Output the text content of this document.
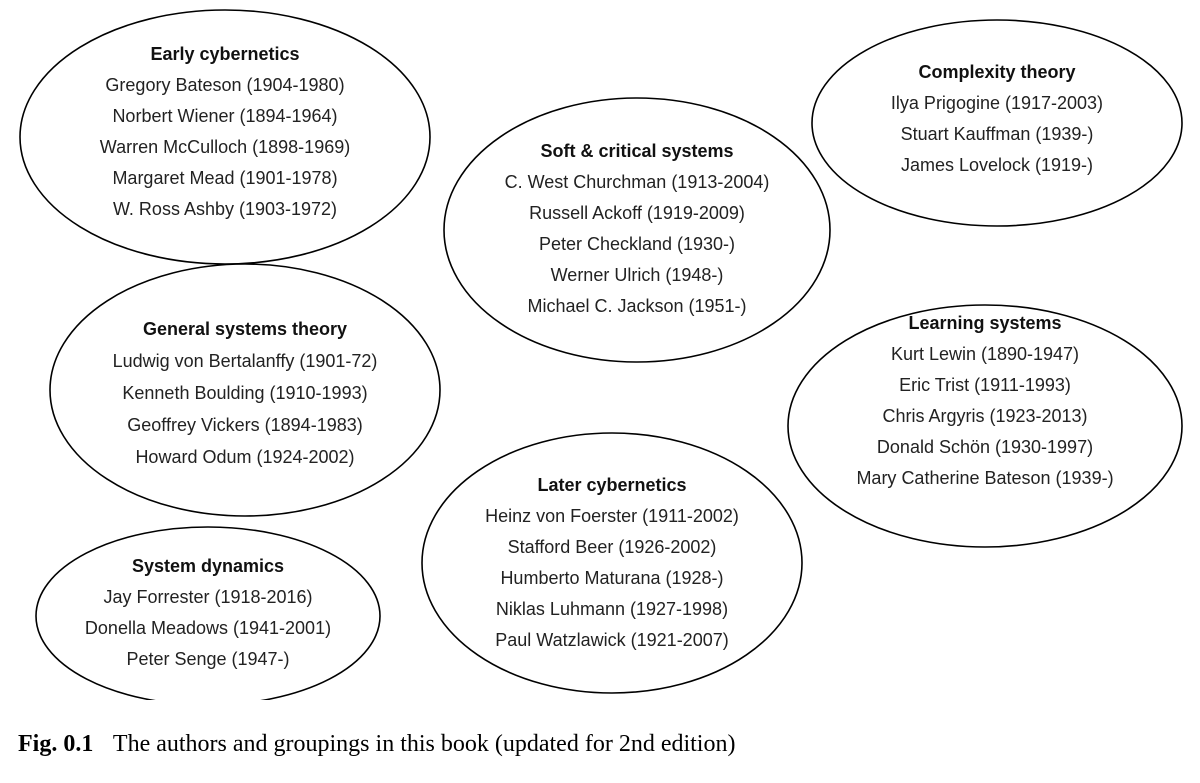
Early cybernetics
Gregory Bateson (1904-1980)
Norbert Wiener (1894-1964)
Warren McCulloch (1898-1969)
Margaret Mead (1901-1978)
W. Ross Ashby (1903-1972)
Complexity theory
Ilya Prigogine (1917-2003)
Stuart Kauffman (1939-)
James Lovelock (1919-)
Soft & critical systems
C. West Churchman (1913-2004)
Russell Ackoff (1919-2009)
Peter Checkland (1930-)
Werner Ulrich (1948-)
Michael C. Jackson (1951-)
General systems theory
Ludwig von Bertalanffy (1901-72)
Kenneth Boulding (1910-1993)
Geoffrey Vickers (1894-1983)
Howard Odum (1924-2002)
Learning systems
Kurt Lewin (1890-1947)
Eric Trist (1911-1993)
Chris Argyris (1923-2013)
Donald Schön (1930-1997)
Mary Catherine Bateson (1939-)
Later cybernetics
Heinz von Foerster (1911-2002)
Stafford Beer (1926-2002)
Humberto Maturana (1928-)
Niklas Luhmann (1927-1998)
Paul Watzlawick (1921-2007)
System dynamics
Jay Forrester (1918-2016)
Donella Meadows (1941-2001)
Peter Senge (1947-)
Fig. 0.1 The authors and groupings in this book (updated for 2nd edition)
